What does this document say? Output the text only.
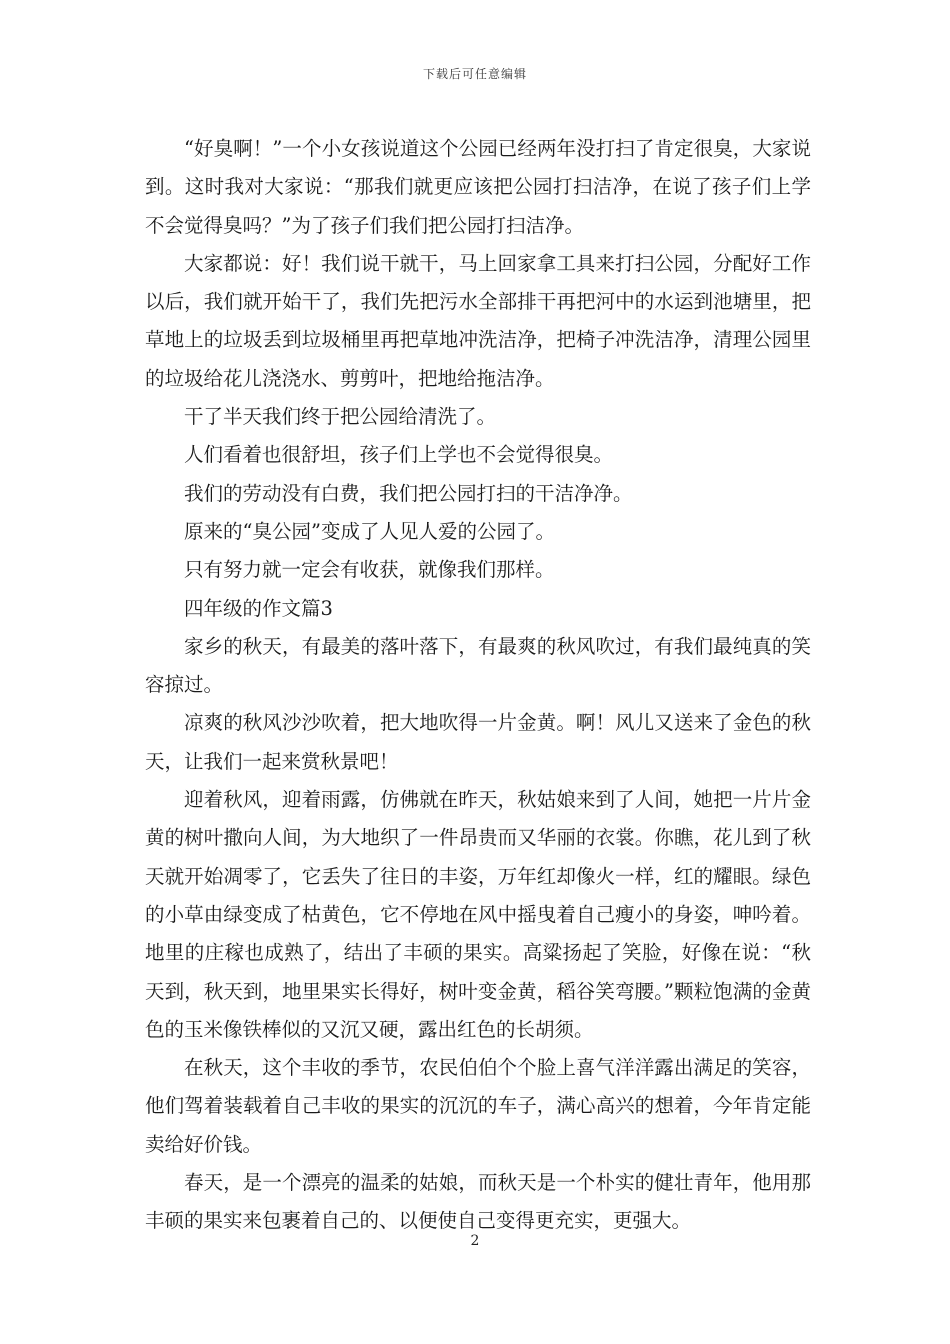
下载后可任意编辑

“好臭啊！”一个小女孩说道这个公园已经两年没打扫了肯定很臭，大家说到。这时我对大家说：“那我们就更应该把公园打扫洁净，在说了孩子们上学不会觉得臭吗？”为了孩子们我们把公园打扫洁净。

大家都说：好！我们说干就干，马上回家拿工具来打扫公园，分配好工作以后，我们就开始干了，我们先把污水全部排干再把河中的水运到池塘里，把草地上的垃圾丢到垃圾桶里再把草地冲洗洁净，把椅子冲洗洁净，清理公园里的垃圾给花儿浇浇水、剪剪叶，把地给拖洁净。

干了半天我们终于把公园给清洗了。

人们看着也很舒坦，孩子们上学也不会觉得很臭。

我们的劳动没有白费，我们把公园打扫的干洁净净。

原来的“臭公园”变成了人见人爱的公园了。

只有努力就一定会有收获，就像我们那样。

四年级的作文篇3

家乡的秋天，有最美的落叶落下，有最爽的秋风吹过，有我们最纯真的笑容掠过。

凉爽的秋风沙沙吹着，把大地吹得一片金黄。啊！风儿又送来了金色的秋天，让我们一起来赏秋景吧！

迎着秋风，迎着雨露，仿佛就在昨天，秋姑娘来到了人间，她把一片片金黄的树叶撒向人间，为大地织了一件昂贵而又华丽的衣裳。你瞧，花儿到了秋天就开始凋零了，它丢失了往日的丰姿，万年红却像火一样，红的耀眼。绿色的小草由绿变成了枯黄色，它不停地在风中摇曳着自己瘦小的身姿，呻吟着。地里的庄稼也成熟了，结出了丰硕的果实。高粱扬起了笑脸，好像在说：“秋天到，秋天到，地里果实长得好，树叶变金黄，稻谷笑弯腰。”颗粒饱满的金黄色的玉米像铁棒似的又沉又硬，露出红色的长胡须。

在秋天，这个丰收的季节，农民伯伯个个脸上喜气洋洋露出满足的笑容，他们驾着装载着自己丰收的果实的沉沉的车子，满心高兴的想着，今年肯定能卖给好价钱。

春天，是一个漂亮的温柔的姑娘，而秋天是一个朴实的健壮青年，他用那丰硕的果实来包裹着自己的、以便使自己变得更充实，更强大。

2
